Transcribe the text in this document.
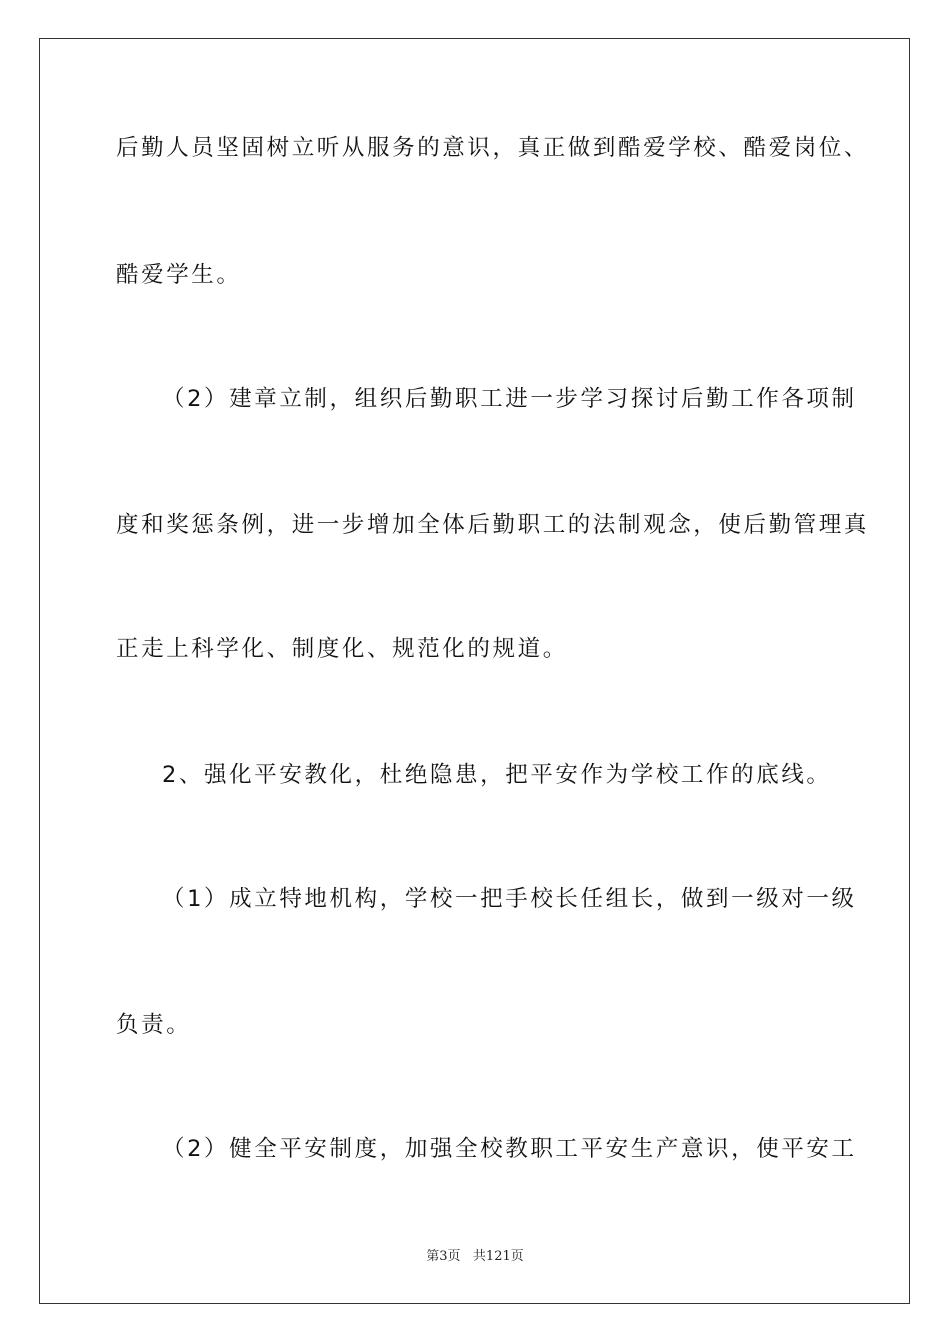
后勤人员坚固树立听从服务的意识，真正做到酷爱学校、酷爱岗位、
酷爱学生。
（2）建章立制，组织后勤职工进一步学习探讨后勤工作各项制
度和奖惩条例，进一步增加全体后勤职工的法制观念，使后勤管理真
正走上科学化、制度化、规范化的规道。
2、强化平安教化，杜绝隐患，把平安作为学校工作的底线。
（1）成立特地机构，学校一把手校长任组长，做到一级对一级
负责。
（2）健全平安制度，加强全校教职工平安生产意识，使平安工
第3页   共121页
